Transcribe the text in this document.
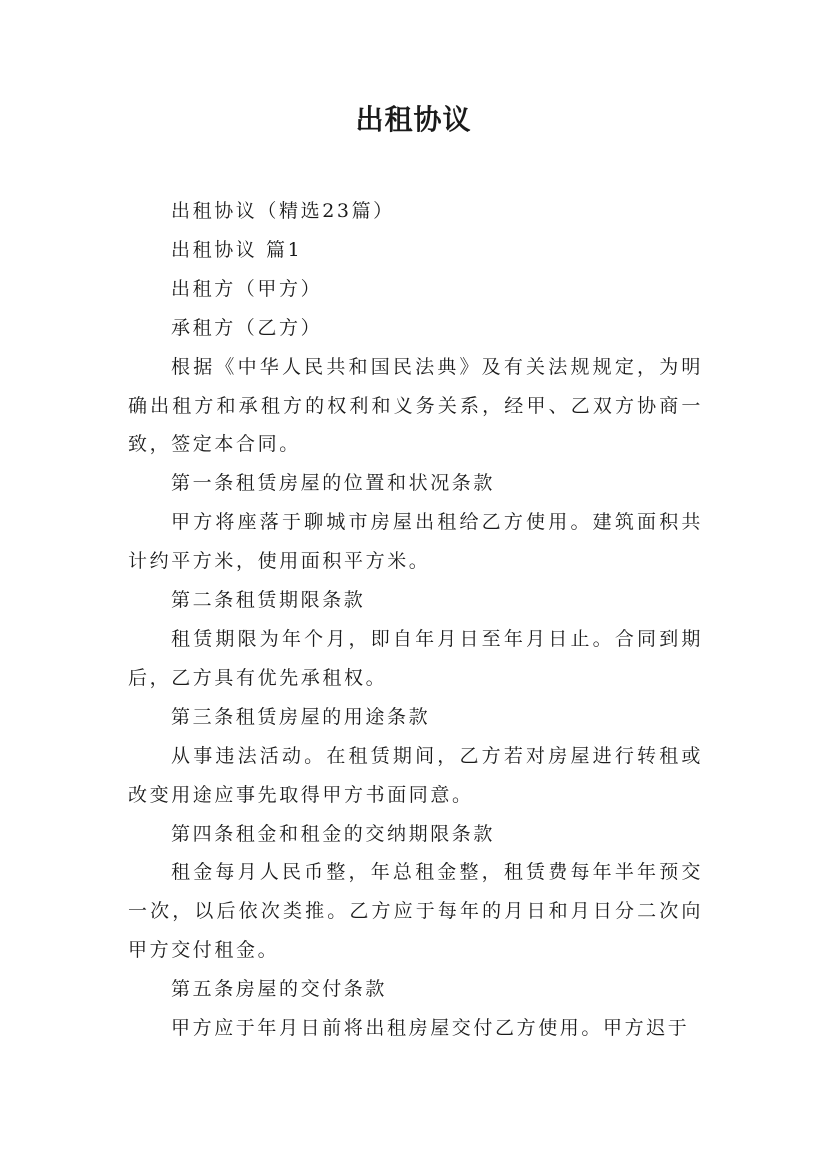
出租协议

出租协议（精选23篇）

出租协议 篇1

出租方（甲方）

承租方（乙方）

根据《中华人民共和国民法典》及有关法规规定，为明确出租方和承租方的权利和义务关系，经甲、乙双方协商一致，签定本合同。

第一条租赁房屋的位置和状况条款

甲方将座落于聊城市房屋出租给乙方使用。建筑面积共计约平方米，使用面积平方米。

第二条租赁期限条款

租赁期限为年个月，即自年月日至年月日止。合同到期后，乙方具有优先承租权。

第三条租赁房屋的用途条款

从事违法活动。在租赁期间，乙方若对房屋进行转租或改变用途应事先取得甲方书面同意。

第四条租金和租金的交纳期限条款

租金每月人民币整，年总租金整，租赁费每年半年预交一次，以后依次类推。乙方应于每年的月日和月日分二次向甲方交付租金。

第五条房屋的交付条款

甲方应于年月日前将出租房屋交付乙方使用。甲方迟于
